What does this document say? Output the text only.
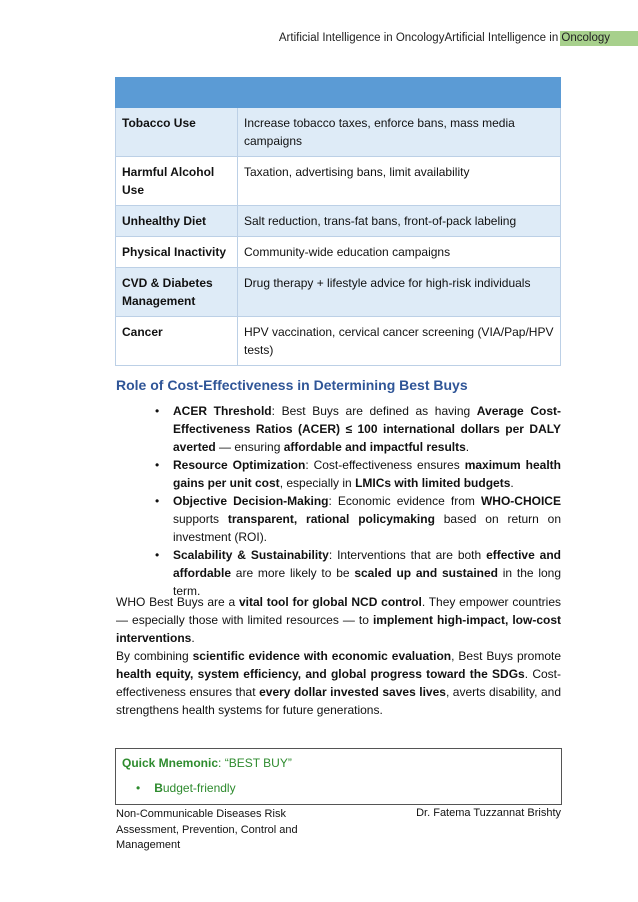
Artificial Intelligence in OncologyArtificial Intelligence in Oncology

Tobacco Use	Increase tobacco taxes, enforce bans, mass media campaigns
Harmful Alcohol Use	Taxation, advertising bans, limit availability
Unhealthy Diet	Salt reduction, trans-fat bans, front-of-pack labeling
Physical Inactivity	Community-wide education campaigns
CVD & Diabetes Management	Drug therapy + lifestyle advice for high-risk individuals
Cancer	HPV vaccination, cervical cancer screening (VIA/Pap/HPV tests)
Role of Cost-Effectiveness in Determining Best Buys
• ACER Threshold: Best Buys are defined as having Average Cost-Effectiveness Ratios (ACER) ≤ 100 international dollars per DALY averted — ensuring affordable and impactful results.
• Resource Optimization: Cost-effectiveness ensures maximum health gains per unit cost, especially in LMICs with limited budgets.
• Objective Decision-Making: Economic evidence from WHO-CHOICE supports transparent, rational policymaking based on return on investment (ROI).
• Scalability & Sustainability: Interventions that are both effective and affordable are more likely to be scaled up and sustained in the long term.

WHO Best Buys are a vital tool for global NCD control. They empower countries — especially those with limited resources — to implement high-impact, low-cost interventions.

By combining scientific evidence with economic evaluation, Best Buys promote health equity, system efficiency, and global progress toward the SDGs. Cost-effectiveness ensures that every dollar invested saves lives, averts disability, and strengthens health systems for future generations.

Quick Mnemonic: “BEST BUY”
• Budget-friendly
Non-Communicable Diseases Risk Assessment, Prevention, Control and Management
Dr. Fatema Tuzzannat Brishty
